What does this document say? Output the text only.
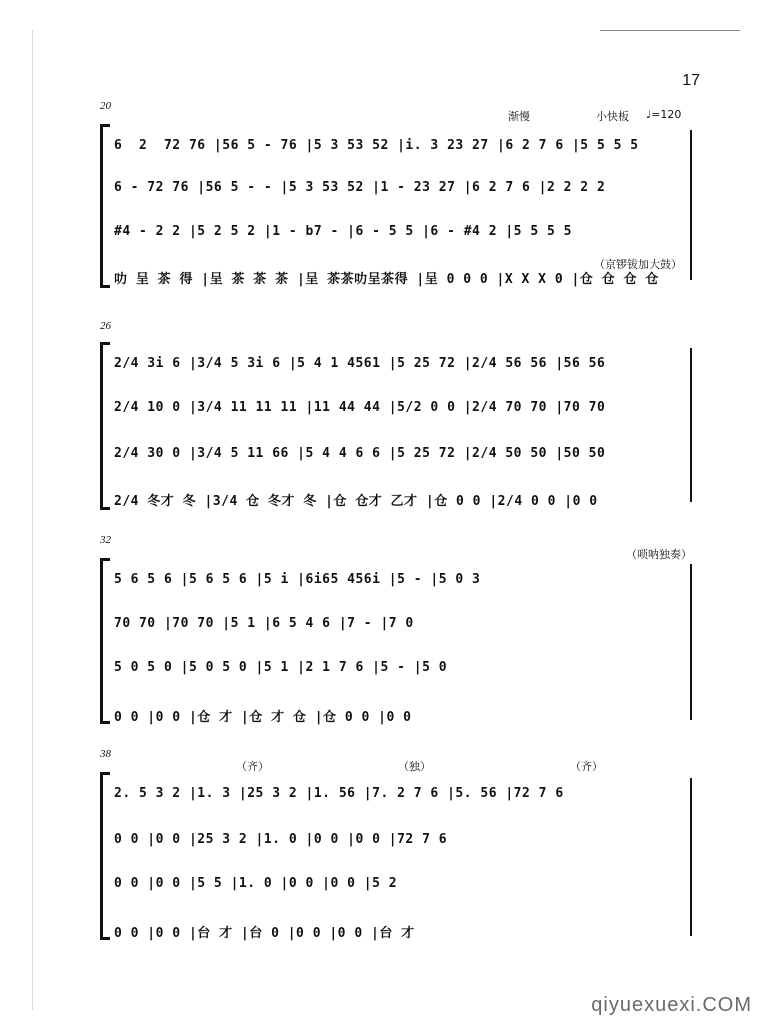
17
20
渐慢	小快板 ♩=120
（京锣钹加大鼓）
6  2  72 76 |56 5 - 76 |5 3 53 52 |i. 3 23 27 |6 2 7 6 |5 5 5 5
6 - 72 76 |56 5 - - |5 3 53 52 |1 - 23 27 |6 2 7 6 |2 2 2 2
#4 - 2 2 |5 2 5 2 |1 - b7 - |6 - 5 5 |6 - #4 2 |5 5 5 5
叻 呈 茶 得 |呈 茶 茶 茶 |呈 茶茶叻呈茶得 |呈 0 0 0 |X X X 0 |仓 仓 仓 仓
26
2/4 3i 6 |3/4 5 3i 6 |5 4 1 4561 |5 25 72 |2/4 56 56 |56 56
2/4 10 0 |3/4 11 11 11 |11 44 44 |5/2 0 0 |2/4 70 70 |70 70
2/4 30 0 |3/4 5 11 66 |5 4 4 6 6 |5 25 72 |2/4 50 50 |50 50
2/4 冬才 冬 |3/4 仓 冬才 冬 |仓 仓才 乙才 |仓 0 0 |2/4 0 0 |0 0
32
（唢呐独奏）
5 6 5 6 |5 6 5 6 |5 i |6i65 456i |5 - |5 0 3
70 70 |70 70 |5 1 |6 5 4 6 |7 - |7 0
5 0 5 0 |5 0 5 0 |5 1 |2 1 7 6 |5 - |5 0
0 0 |0 0 |仓 才 |仓 才 仓 |仓 0 0 |0 0
38
（齐）	（独）	（齐）
2. 5 3 2 |1. 3 |25 3 2 |1. 56 |7. 2 7 6 |5. 56 |72 7 6
0 0 |0 0 |25 3 2 |1. 0 |0 0 |0 0 |72 7 6
0 0 |0 0 |5 5 |1. 0 |0 0 |0 0 |5 2
0 0 |0 0 |台 才 |台 0 |0 0 |0 0 |台 才
qiyuexuexi.COM
